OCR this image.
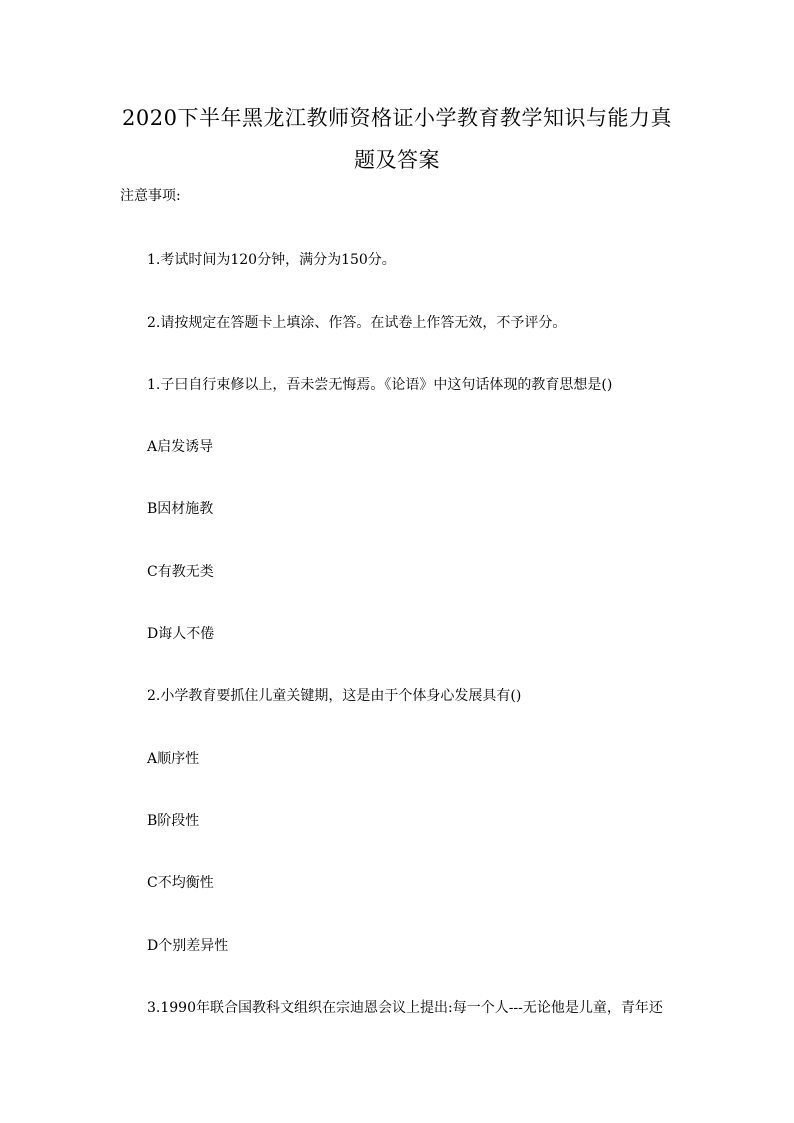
2020下半年黑龙江教师资格证小学教育教学知识与能力真
题及答案
注意事项:
1.考试时间为120分钟，满分为150分。
2.请按规定在答题卡上填涂、作答。在试卷上作答无效，不予评分。
1.子曰自行束修以上，吾未尝无悔焉。《论语》中这句话体现的教育思想是()
A启发诱导
B因材施教
C有教无类
D诲人不倦
2.小学教育要抓住儿童关键期，这是由于个体身心发展具有()
A顺序性
B阶段性
C不均衡性
D个别差异性
3.1990年联合国教科文组织在宗迪恩会议上提出:每一个人---无论他是儿童，青年还
